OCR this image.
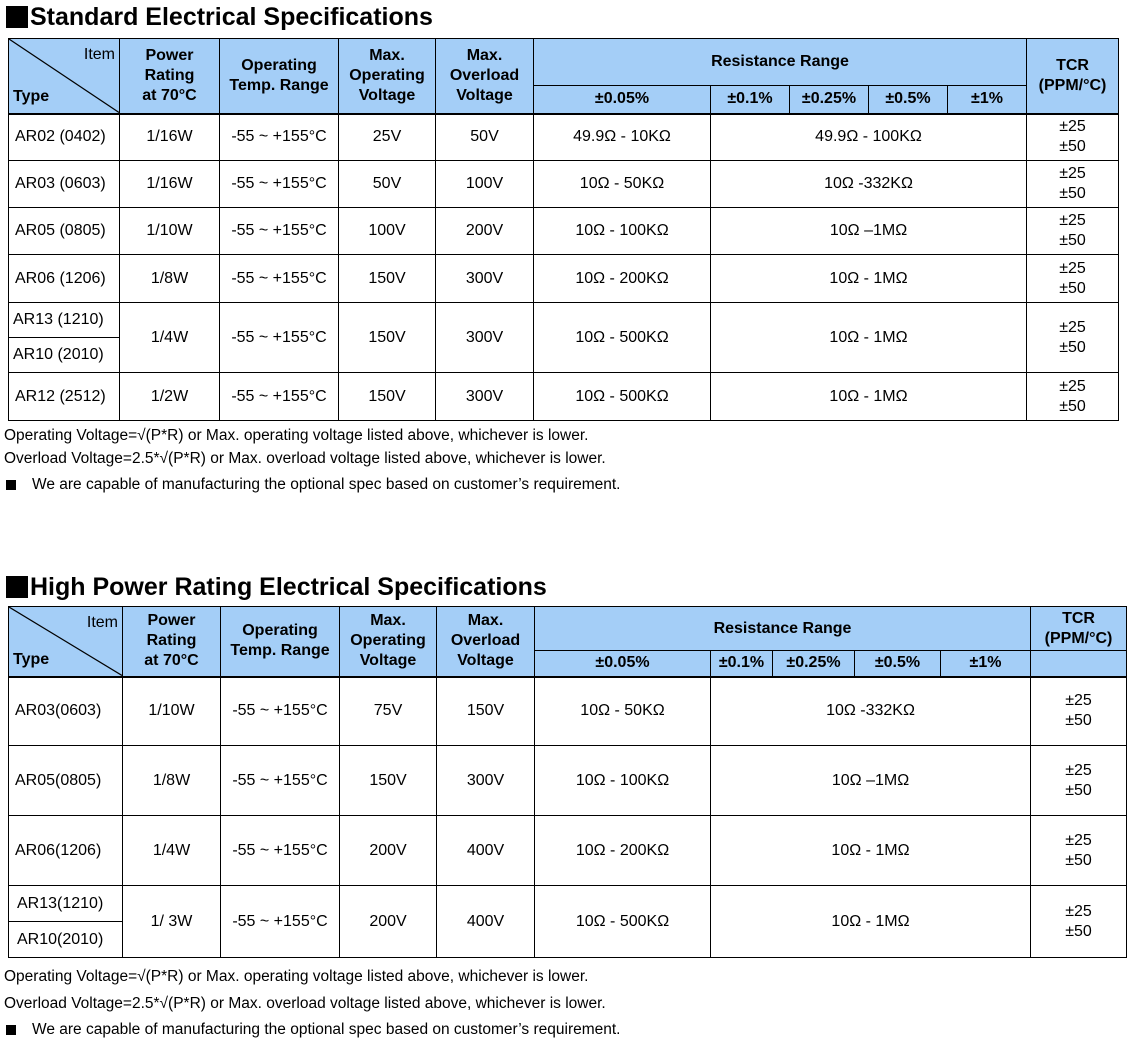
Standard Electrical Specifications
Item
Type	Power
Rating
at 70°C	Operating
Temp. Range	Max.
Operating
Voltage	Max.
Overload
Voltage	Resistance Range					TCR
(PPM/°C)
					±0.05%	±0.1%	±0.25%	±0.5%	±1%	
AR02 (0402)	1/16W	-55 ~ +155°C	25V	50V	49.9Ω - 10KΩ	49.9Ω - 100KΩ				±25
±50
AR03 (0603)	1/16W	-55 ~ +155°C	50V	100V	10Ω - 50KΩ	10Ω -332KΩ				±25
±50
AR05 (0805)	1/10W	-55 ~ +155°C	100V	200V	10Ω - 100KΩ	10Ω –1MΩ				±25
±50
AR06 (1206)	1/8W	-55 ~ +155°C	150V	300V	10Ω - 200KΩ	10Ω - 1MΩ				±25
±50

AR13 (1210)
AR10 (2010)	1/4W	-55 ~ +155°C	150V	300V	10Ω - 500KΩ	10Ω - 1MΩ				±25
±50
AR12 (2512)	1/2W	-55 ~ +155°C	150V	300V	10Ω - 500KΩ	10Ω - 1MΩ				±25
±50
Operating Voltage=√(P*R) or Max. operating voltage listed above, whichever is lower.
Overload Voltage=2.5*√(P*R) or Max. overload voltage listed above, whichever is lower.
We are capable of manufacturing the optional spec based on customer’s requirement.
High Power Rating Electrical Specifications
Item
Type	Power
Rating
at 70°C	Operating
Temp. Range	Max.
Operating
Voltage	Max.
Overload
Voltage	Resistance Range					TCR
(PPM/°C)
					±0.05%	±0.1%	±0.25%	±0.5%	±1%	
AR03(0603)	1/10W	-55 ~ +155°C	75V	150V	10Ω - 50KΩ	10Ω -332KΩ				±25
±50
AR05(0805)	1/8W	-55 ~ +155°C	150V	300V	10Ω - 100KΩ	10Ω –1MΩ				±25
±50
AR06(1206)	1/4W	-55 ~ +155°C	200V	400V	10Ω - 200KΩ	10Ω - 1MΩ				±25
±50

AR13(1210)
AR10(2010)	1/ 3W	-55 ~ +155°C	200V	400V	10Ω - 500KΩ	10Ω - 1MΩ				±25
±50
Operating Voltage=√(P*R) or Max. operating voltage listed above, whichever is lower.
Overload Voltage=2.5*√(P*R) or Max. overload voltage listed above, whichever is lower.
We are capable of manufacturing the optional spec based on customer’s requirement.
